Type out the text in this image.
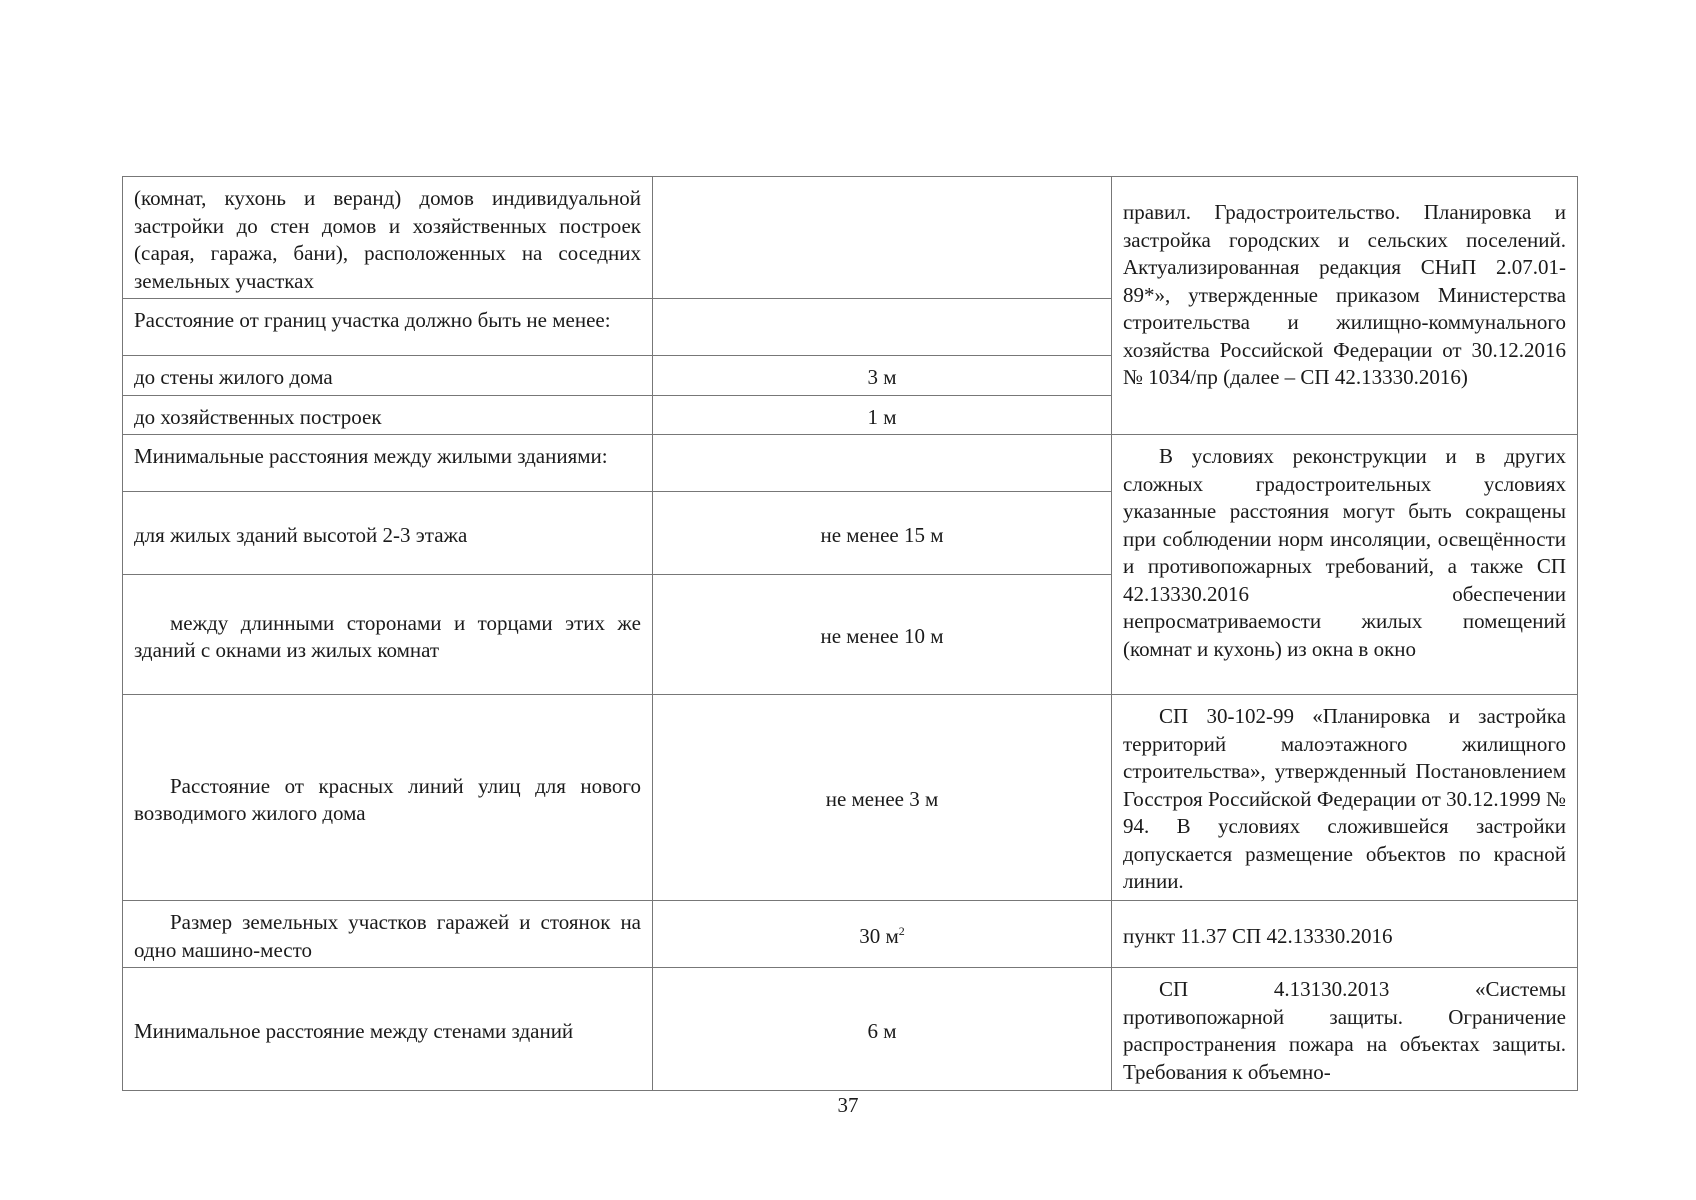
(комнат, кухонь и веранд) домов индивидуальной застройки до стен домов и хозяйственных построек (сарая, гаража, бани), расположенных на соседних земельных участках		правил. Градостроительство. Планировка и застройка городских и сельских поселений. Актуализированная редакция СНиП 2.07.01-89*», утвержденные приказом Министерства строительства и жилищно-коммунального хозяйства Российской Федерации от 30.12.2016 № 1034/пр (далее – СП 42.13330.2016)
Расстояние от границ участка должно быть не менее:		
до стены жилого дома	3 м	
до хозяйственных построек	1 м	
Минимальные расстояния между жилыми зданиями:		В условиях реконструкции и в других сложных градостроительных условиях указанные расстояния могут быть сокращены при соблюдении норм инсоляции, освещённости и противопожарных требований, а также СП 42.13330.2016 обеспечении непросматриваемости жилых помещений (комнат и кухонь) из окна в окно
для жилых зданий высотой 2-3 этажа	не менее 15 м	
между длинными сторонами и торцами этих же зданий с окнами из жилых комнат	не менее 10 м	
Расстояние от красных линий улиц для нового возводимого жилого дома	не менее 3 м	СП 30-102-99 «Планировка и застройка территорий малоэтажного жилищного строительства», утвержденный Постановлением Госстроя Российской Федерации от 30.12.1999 № 94. В условиях сложившейся застройки допускается размещение объектов по красной линии.
Размер земельных участков гаражей и стоянок на одно машино-место	30 $м^2$	пункт 11.37 СП 42.13330.2016
Минимальное расстояние между стенами зданий	6 м	СП 4.13130.2013 «Системы противопожарной защиты. Ограничение распространения пожара на объектах защиты. Требования к объемно-
37
